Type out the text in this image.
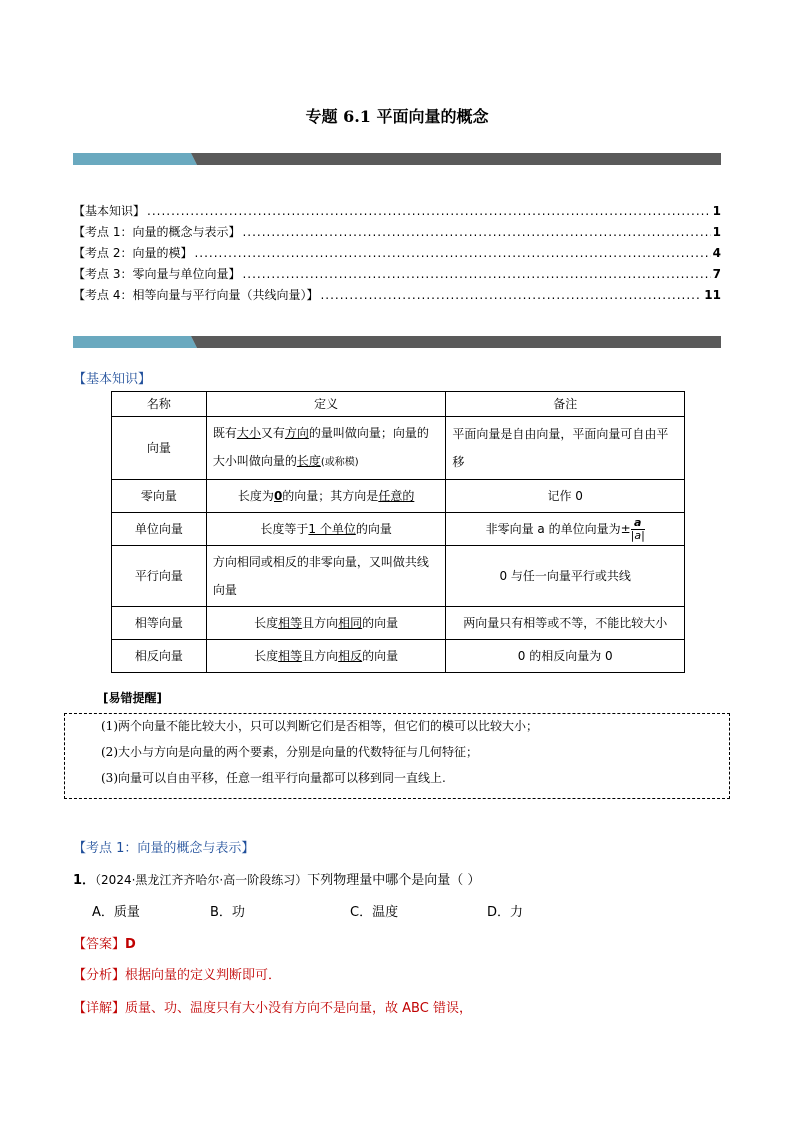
专题 6.1 平面向量的概念
【基本知识】 .....	1
【考点 1：向量的概念与表示】 .....	1
【考点 2：向量的模】 .....	4
【考点 3：零向量与单位向量】 .....	7
【考点 4：相等向量与平行向量（共线向量）】 .....	11
【基本知识】
名称	定义	备注
向量	既有大小又有方向的量叫做向量；向量的大小叫做向量的长度(或称模)	平面向量是自由向量，平面向量可自由平移
零向量	长度为0的向量；其方向是任意的	记作 0
单位向量	长度等于1 个单位的向量	非零向量 a 的单位向量为± $\frac{a}{|a|}$

平行向量	方向相同或相反的非零向量，又叫做共线向量	0 与任一向量平行或共线
相等向量	长度相等且方向相同的向量	两向量只有相等或不等，不能比较大小
相反向量	长度相等且方向相反的向量	0 的相反向量为 0
[易错提醒]
(1)两个向量不能比较大小，只可以判断它们是否相等，但它们的模可以比较大小；
(2)大小与方向是向量的两个要素，分别是向量的代数特征与几何特征；
(3)向量可以自由平移，任意一组平行向量都可以移到同一直线上.
【考点 1：向量的概念与表示】
1．（2024·黑龙江齐齐哈尔·高一阶段练习）下列物理量中哪个是向量（ ）
A．质量	B．功	C．温度	D．力
【答案】D
【分析】根据向量的定义判断即可．
【详解】质量、功、温度只有大小没有方向不是向量，故 ABC 错误，
